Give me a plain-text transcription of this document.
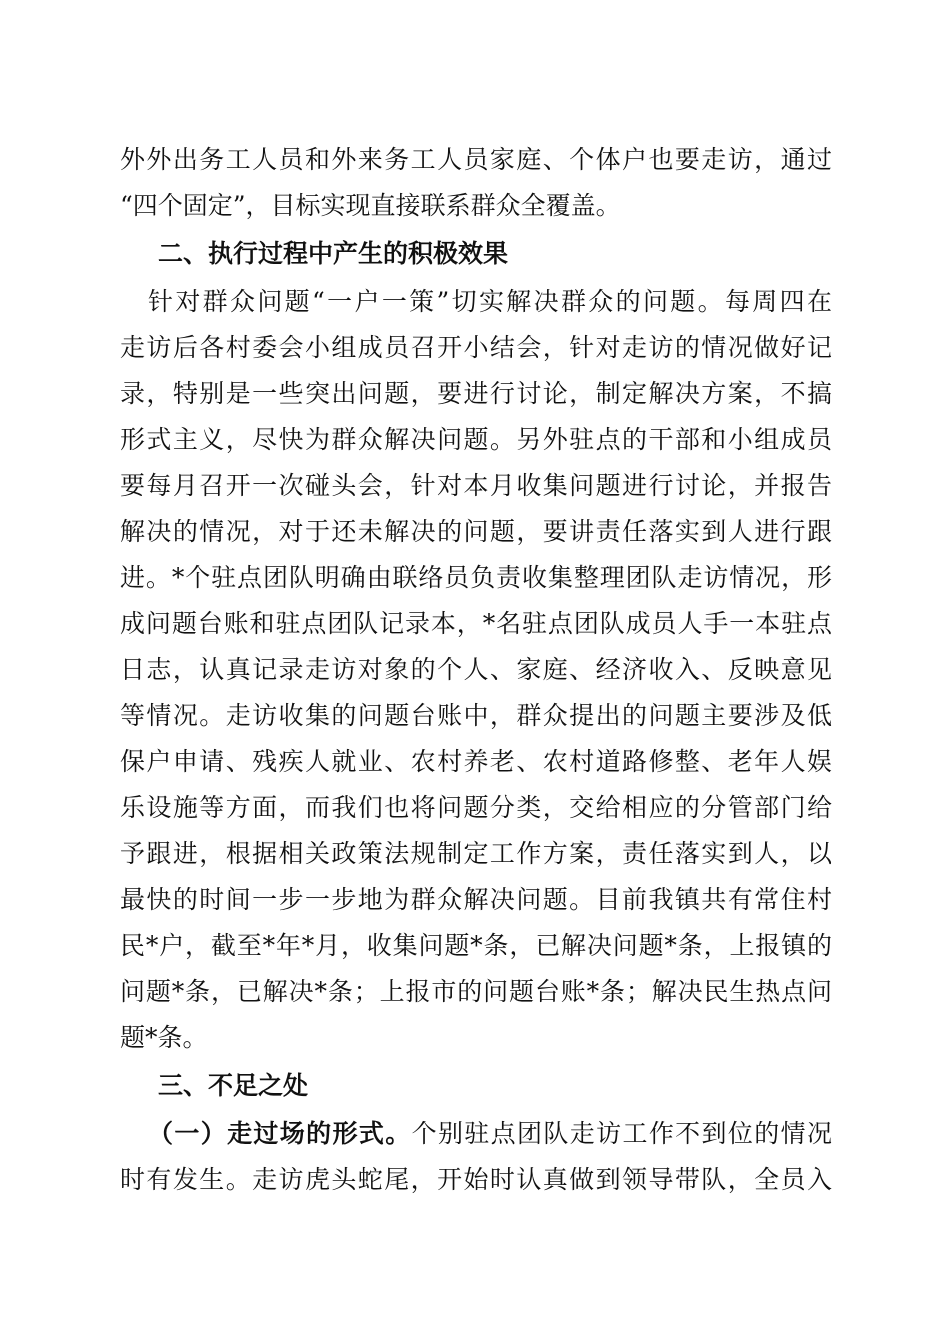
外外出务工人员和外来务工人员家庭、个体户也要走访，通过
“四个固定”，目标实现直接联系群众全覆盖。
二、执行过程中产生的积极效果
针对群众问题“一户一策”切实解决群众的问题。每周四在
走访后各村委会小组成员召开小结会，针对走访的情况做好记
录，特别是一些突出问题，要进行讨论，制定解决方案，不搞
形式主义，尽快为群众解决问题。另外驻点的干部和小组成员
要每月召开一次碰头会，针对本月收集问题进行讨论，并报告
解决的情况，对于还未解决的问题，要讲责任落实到人进行跟
进。*个驻点团队明确由联络员负责收集整理团队走访情况，形
成问题台账和驻点团队记录本，*名驻点团队成员人手一本驻点
日志，认真记录走访对象的个人、家庭、经济收入、反映意见
等情况。走访收集的问题台账中，群众提出的问题主要涉及低
保户申请、残疾人就业、农村养老、农村道路修整、老年人娱
乐设施等方面，而我们也将问题分类，交给相应的分管部门给
予跟进，根据相关政策法规制定工作方案，责任落实到人，以
最快的时间一步一步地为群众解决问题。目前我镇共有常住村
民*户，截至*年*月，收集问题*条，已解决问题*条，上报镇的
问题*条，已解决*条；上报市的问题台账*条；解决民生热点问
题*条。
三、不足之处
（一）走过场的形式。个别驻点团队走访工作不到位的情况
时有发生。走访虎头蛇尾，开始时认真做到领导带队，全员入
